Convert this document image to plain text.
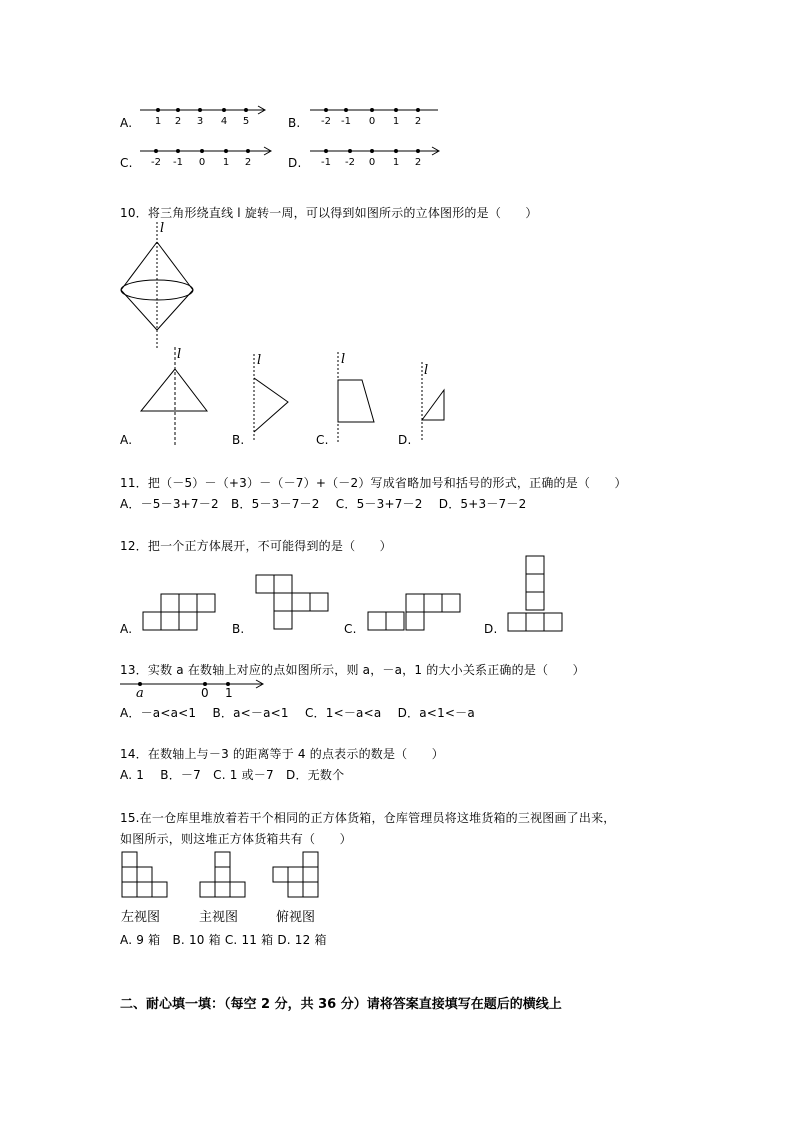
A. 1 2 3 4 5	B. -2 -1 0 1 2
C. -2 -1 0 1 2	D. -1 -2 0 1 2
10．将三角形绕直线 l 旋转一周，可以得到如图所示的立体图形的是（　　）
l
l
A.
l
B.
l
C.
l
D.
11．把（－5）－（+3）－（－7）+（－2）写成省略加号和括号的形式，正确的是（　　）
A．－5－3+7－2　B．5－3－7－2　 C．5－3+7－2　 D．5+3－7－2
12．把一个正方体展开，不可能得到的是（　　）
A.	B.	C.	D.
13．实数 a 在数轴上对应的点如图所示，则 a，－a，1 的大小关系正确的是（　　）
a	0 1
A．－a<a<1　 B．a<－a<1　 C．1<－a<a　 D．a<1<－a
14．在数轴上与－3 的距离等于 4 的点表示的数是（　　）
A. 1　 B．－7　C. 1 或－7　D．无数个
15.在一仓库里堆放着若干个相同的正方体货箱，仓库管理员将这堆货箱的三视图画了出来，
如图所示，则这堆正方体货箱共有（　　）
左视图	主视图	俯视图
A. 9 箱　B. 10 箱 C. 11 箱 D. 12 箱
二、耐心填一填：（每空 2 分，共 36 分）请将答案直接填写在题后的横线上
